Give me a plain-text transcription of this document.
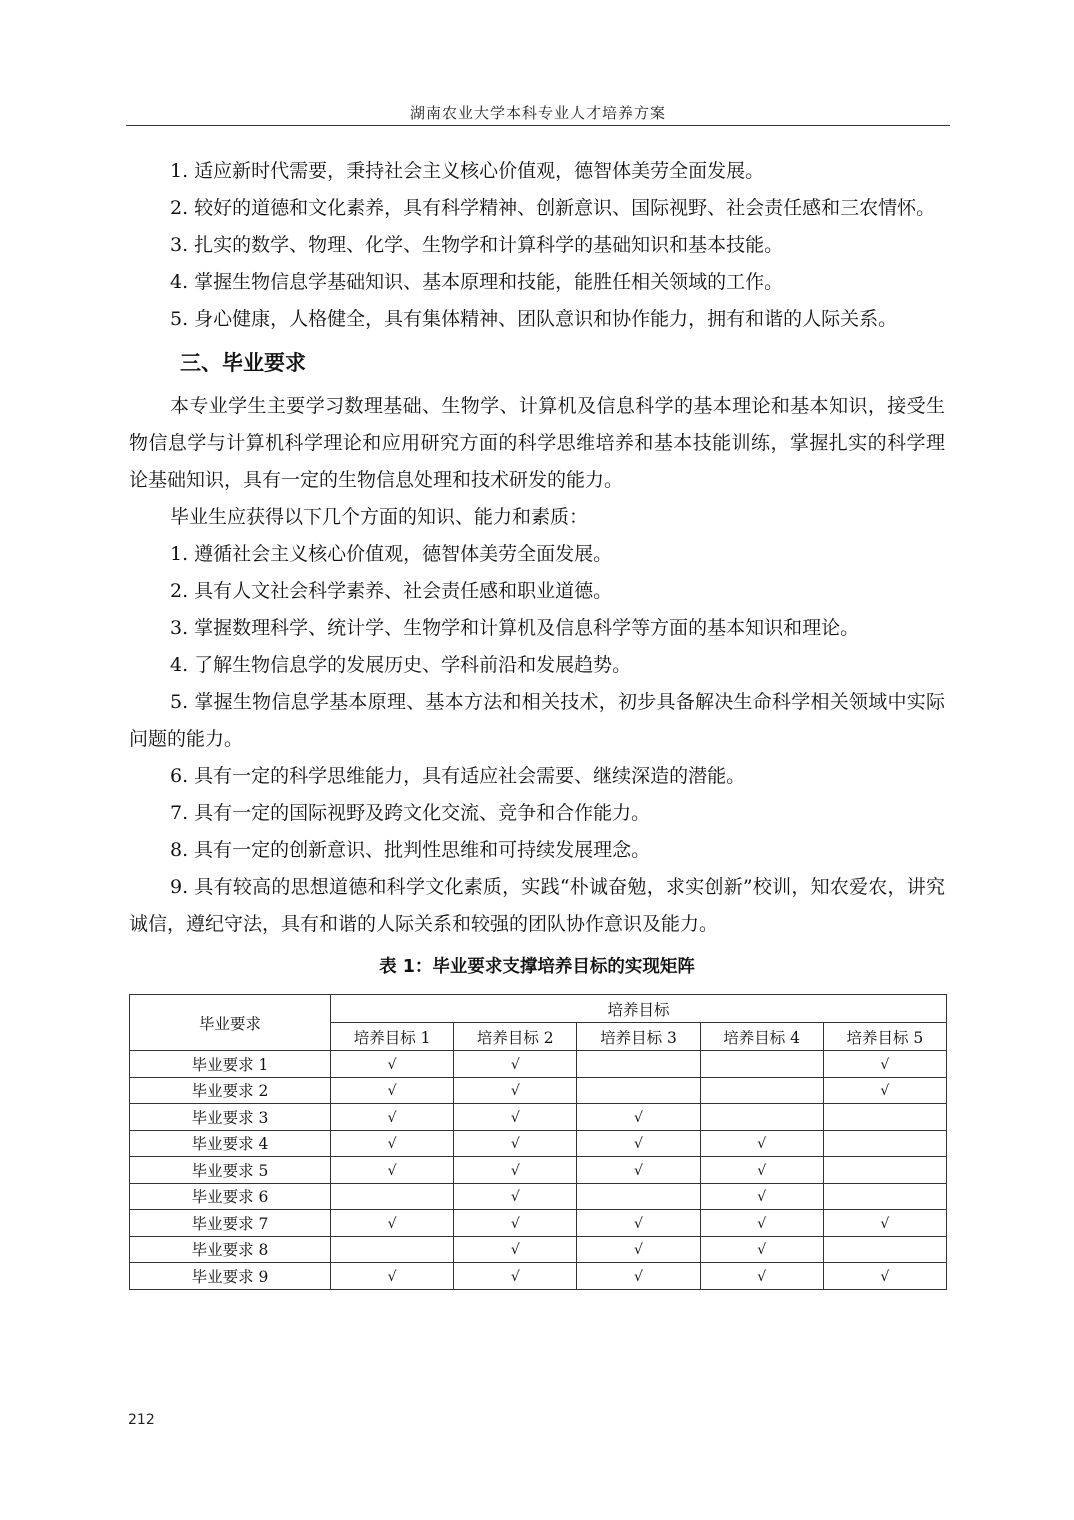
湖南农业大学本科专业人才培养方案

1. 适应新时代需要，秉持社会主义核心价值观，德智体美劳全面发展。

2. 较好的道德和文化素养，具有科学精神、创新意识、国际视野、社会责任感和三农情怀。

3. 扎实的数学、物理、化学、生物学和计算科学的基础知识和基本技能。

4. 掌握生物信息学基础知识、基本原理和技能，能胜任相关领域的工作。

5. 身心健康，人格健全，具有集体精神、团队意识和协作能力，拥有和谐的人际关系。

三、毕业要求

本专业学生主要学习数理基础、生物学、计算机及信息科学的基本理论和基本知识，接受生物信息学与计算机科学理论和应用研究方面的科学思维培养和基本技能训练，掌握扎实的科学理论基础知识，具有一定的生物信息处理和技术研发的能力。

毕业生应获得以下几个方面的知识、能力和素质：

1. 遵循社会主义核心价值观，德智体美劳全面发展。

2. 具有人文社会科学素养、社会责任感和职业道德。

3. 掌握数理科学、统计学、生物学和计算机及信息科学等方面的基本知识和理论。

4. 了解生物信息学的发展历史、学科前沿和发展趋势。

5. 掌握生物信息学基本原理、基本方法和相关技术，初步具备解决生命科学相关领域中实际问题的能力。

6. 具有一定的科学思维能力，具有适应社会需要、继续深造的潜能。

7. 具有一定的国际视野及跨文化交流、竞争和合作能力。

8. 具有一定的创新意识、批判性思维和可持续发展理念。

9. 具有较高的思想道德和科学文化素质，实践“朴诚奋勉，求实创新”校训，知农爱农，讲究诚信，遵纪守法，具有和谐的人际关系和较强的团队协作意识及能力。

表 1：毕业要求支撑培养目标的实现矩阵

毕业要求	培养目标				
	培养目标 1	培养目标 2	培养目标 3	培养目标 4	培养目标 5
毕业要求 1	√	√			√
毕业要求 2	√	√			√
毕业要求 3	√	√	√		
毕业要求 4	√	√	√	√	
毕业要求 5	√	√	√	√	
毕业要求 6		√		√	
毕业要求 7	√	√	√	√	√
毕业要求 8		√	√	√	
毕业要求 9	√	√	√	√	√
212
